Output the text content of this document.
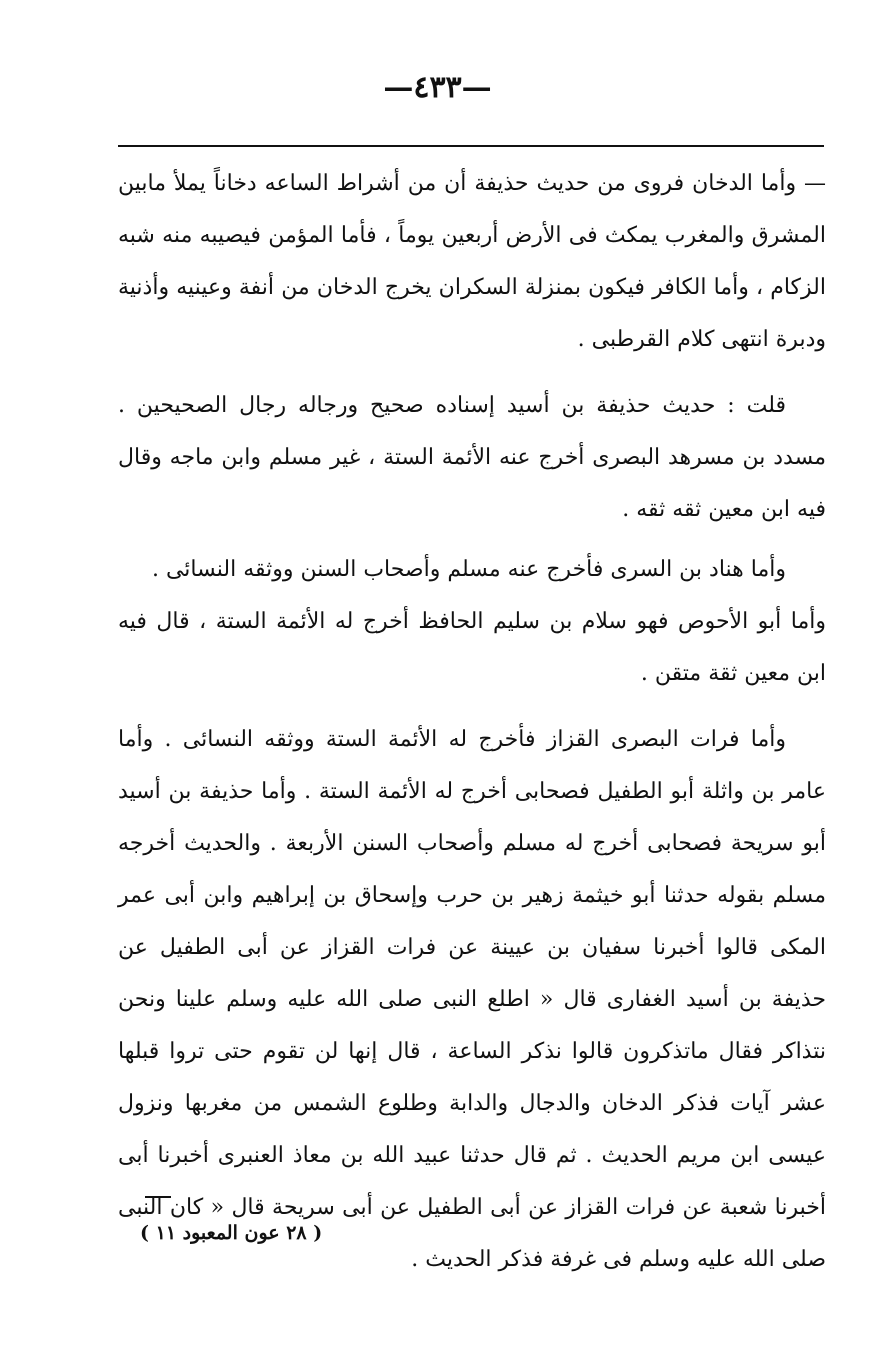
—٤٣٣—

— وأما الدخان فروى من حديث حذيفة أن من أشراط الساعه دخاناً يملأ مابين المشرق والمغرب يمكث فى الأرض أربعين يوماً ، فأما المؤمن فيصيبه منه شبه الزكام ، وأما الكافر فيكون بمنزلة السكران يخرج الدخان من أنفة وعينيه وأذنية ودبرة انتهى كلام القرطبى .

قلت : حديث حذيفة بن أسيد إسناده صحيح ورجاله رجال الصحيحين . مسدد بن مسرهد البصرى أخرج عنه الأئمة الستة ، غير مسلم وابن ماجه وقال فيه ابن معين ثقه ثقه .

وأما هناد بن السرى فأخرج عنه مسلم وأصحاب السنن ووثقه النسائى .

وأما أبو الأحوص فهو سلام بن سليم الحافظ أخرج له الأئمة الستة ، قال فيه ابن معين ثقة متقن .

وأما فرات البصرى القزاز فأخرج له الأئمة الستة ووثقه النسائى . وأما عامر بن واثلة أبو الطفيل فصحابى أخرج له الأئمة الستة . وأما حذيفة بن أسيد أبو سريحة فصحابى أخرج له مسلم وأصحاب السنن الأربعة . والحديث أخرجه مسلم بقوله حدثنا أبو خيثمة زهير بن حرب وإسحاق بن إبراهيم وابن أبى عمر المكى قالوا أخبرنا سفيان بن عيينة عن فرات القزاز عن أبى الطفيل عن حذيفة بن أسيد الغفارى قال « اطلع النبى صلى الله عليه وسلم علينا ونحن نتذاكر فقال ماتذكرون قالوا نذكر الساعة ، قال إنها لن تقوم حتى تروا قبلها عشر آيات فذكر الدخان والدجال والدابة وطلوع الشمس من مغربها ونزول عيسى ابن مريم الحديث . ثم قال حدثنا عبيد الله بن معاذ العنبرى أخبرنا أبى أخبرنا شعبة عن فرات القزاز عن أبى الطفيل عن أبى سريحة قال « كان النبى صلى الله عليه وسلم فى غرفة فذكر الحديث .

( ٢٨ عون المعبود ١١ )
